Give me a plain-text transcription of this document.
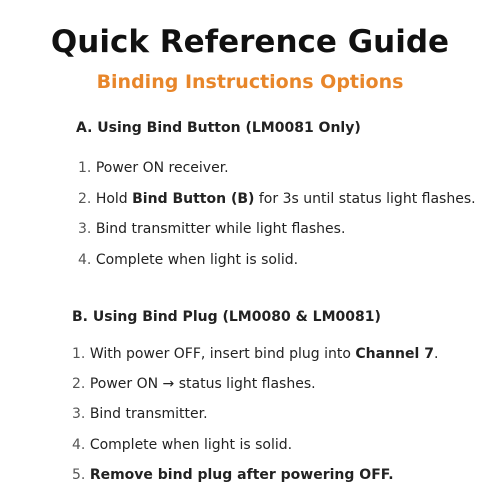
Quick Reference Guide
Binding Instructions Options
A. Using Bind Button (LM0081 Only)
1. Power ON receiver.
2. Hold Bind Button (B) for 3s until status light flashes.
3. Bind transmitter while light flashes.
4. Complete when light is solid.
B. Using Bind Plug (LM0080 & LM0081)
1. With power OFF, insert bind plug into Channel 7.
2. Power ON → status light flashes.
3. Bind transmitter.
4. Complete when light is solid.
5. Remove bind plug after powering OFF.
